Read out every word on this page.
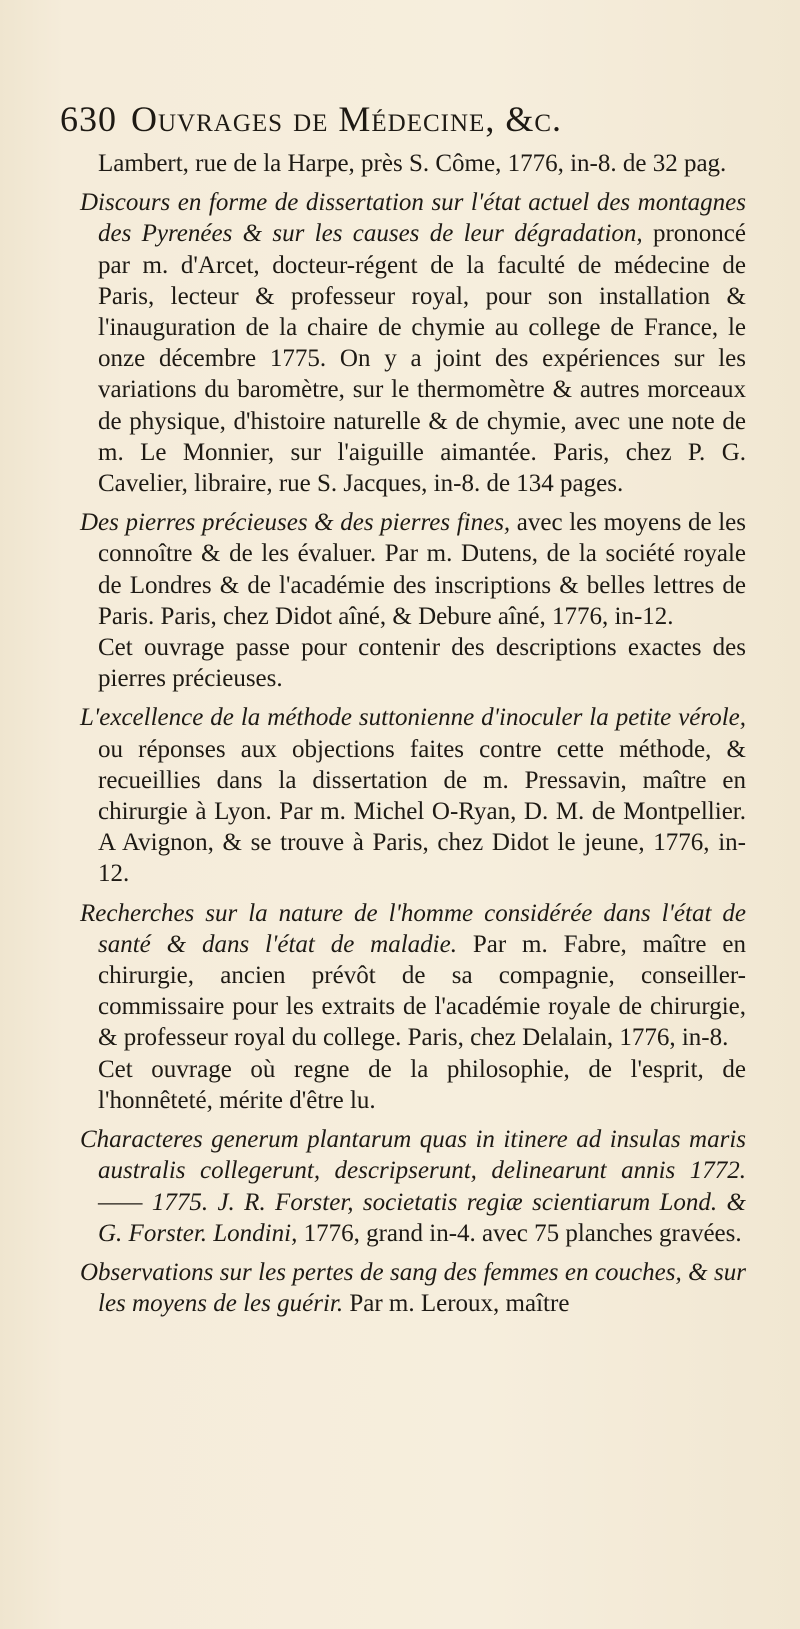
630 Ouvrages de Médecine, &c.

Lambert, rue de la Harpe, près S. Côme, 1776, in-8. de 32 pag.

Discours en forme de dissertation sur l'état actuel des montagnes des Pyrenées & sur les causes de leur dégradation, prononcé par m. d'Arcet, docteur-régent de la faculté de médecine de Paris, lecteur & professeur royal, pour son installation & l'inauguration de la chaire de chymie au college de France, le onze décembre 1775. On y a joint des expériences sur les variations du baromètre, sur le thermomètre & autres morceaux de physique, d'histoire naturelle & de chymie, avec une note de m. Le Monnier, sur l'aiguille aimantée. Paris, chez P. G. Cavelier, libraire, rue S. Jacques, in-8. de 134 pages.

Des pierres précieuses & des pierres fines, avec les moyens de les connoître & de les évaluer. Par m. Dutens, de la société royale de Londres & de l'académie des inscriptions & belles lettres de Paris. Paris, chez Didot aîné, & Debure aîné, 1776, in-12.

Cet ouvrage passe pour contenir des descriptions exactes des pierres précieuses.

L'excellence de la méthode suttonienne d'inoculer la petite vérole, ou réponses aux objections faites contre cette méthode, & recueillies dans la dissertation de m. Pressavin, maître en chirurgie à Lyon. Par m. Michel O-Ryan, D. M. de Montpellier. A Avignon, & se trouve à Paris, chez Didot le jeune, 1776, in-12.

Recherches sur la nature de l'homme considérée dans l'état de santé & dans l'état de maladie. Par m. Fabre, maître en chirurgie, ancien prévôt de sa compagnie, conseiller-commissaire pour les extraits de l'académie royale de chirurgie, & professeur royal du college. Paris, chez Delalain, 1776, in-8.

Cet ouvrage où regne de la philosophie, de l'esprit, de l'honnêteté, mérite d'être lu.

Characteres generum plantarum quas in itinere ad insulas maris australis collegerunt, descripserunt, delinearunt annis 1772. —— 1775. J. R. Forster, societatis regiæ scientiarum Lond. & G. Forster. Londini, 1776, grand in-4. avec 75 planches gravées.

Observations sur les pertes de sang des femmes en couches, & sur les moyens de les guérir. Par m. Leroux, maître
